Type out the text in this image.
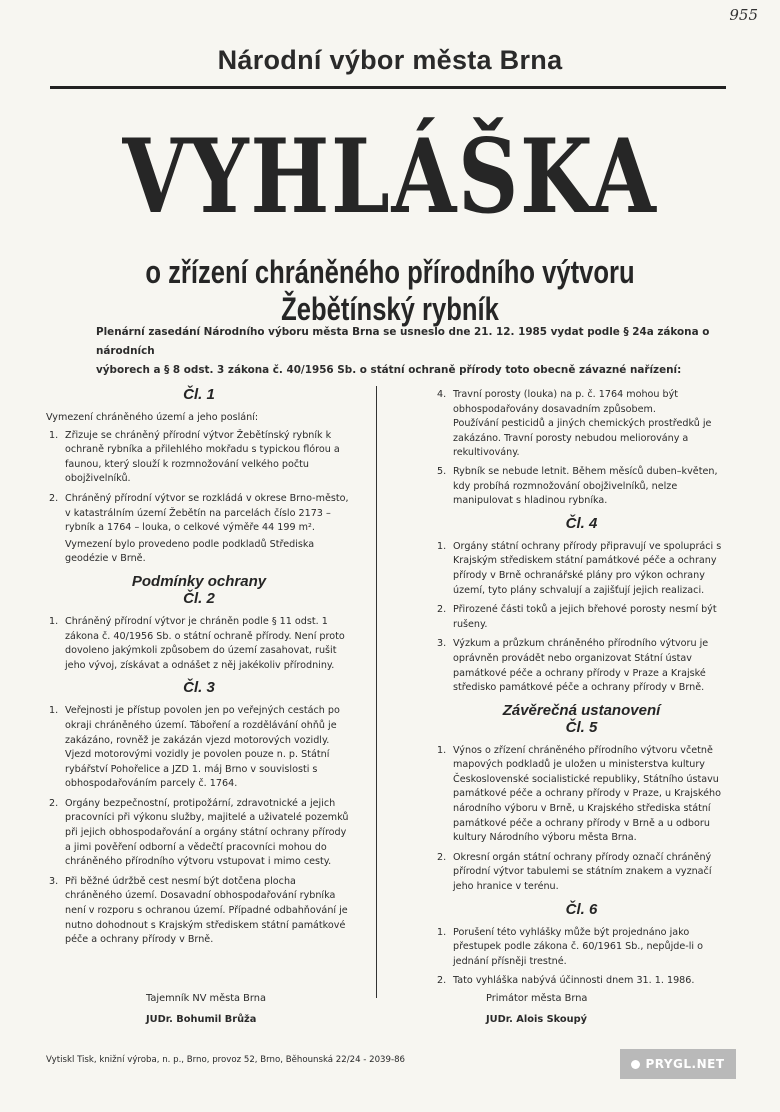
955
Národní výbor města Brna
VYHLÁŠKA
o zřízení chráněného přírodního výtvoru Žebětínský rybník

Plenární zasedání Národního výboru města Brna se usneslo dne 21. 12. 1985 vydat podle § 24a zákona o národních

výborech a § 8 odst. 3 zákona č. 40/1956 Sb. o státní ochraně přírody toto obecně závazné nařízení:

Čl. 1

Vymezení chráněného území a jeho poslání:

1. Zřizuje se chráněný přírodní výtvor Žebětínský rybník k ochraně rybníka a přilehlého mokřadu s typickou flórou a faunou, který slouží k rozmnožování velkého počtu obojživelníků.
2. Chráněný přírodní výtvor se rozkládá v okrese Brno-město, v katastrálním území Žebětín na parcelách číslo 2173 – rybník a 1764 – louka, o celkové výměře 44 199 m².

Vymezení bylo provedeno podle podkladů Střediska geodézie v Brně.

Podmínky ochrany
Čl. 2
1. Chráněný přírodní výtvor je chráněn podle § 11 odst. 1 zákona č. 40/1956 Sb. o státní ochraně přírody. Není proto dovoleno jakýmkoli způsobem do území zasahovat, rušit jeho vývoj, získávat a odnášet z něj jakékoliv přírodniny.
Čl. 3
1. Veřejnosti je přístup povolen jen po veřejných cestách po okraji chráněného území. Táboření a rozdělávání ohňů je zakázáno, rovněž je zakázán vjezd motorových vozidly. Vjezd motorovými vozidly je povolen pouze n. p. Státní rybářství Pohořelice a JZD 1. máj Brno v souvislosti s obhospodařováním parcely č. 1764.
2. Orgány bezpečnostní, protipožární, zdravotnické a jejich pracovníci při výkonu služby, majitelé a uživatelé pozemků při jejich obhospodařování a orgány státní ochrany přírody a jimi pověření odborní a vědečtí pracovníci mohou do chráněného přírodního výtvoru vstupovat i mimo cesty.
3. Při běžné údržbě cest nesmí být dotčena plocha chráněného území. Dosavadní obhospodařování rybníka není v rozporu s ochranou území. Případné odbahňování je nutno dohodnout s Krajským střediskem státní památkové péče a ochrany přírody v Brně.
4. Travní porosty (louka) na p. č. 1764 mohou být obhospodařovány dosavadním způsobem.

Používání pesticidů a jiných chemických prostředků je zakázáno. Travní porosty nebudou meliorovány a rekultivovány.

5. Rybník se nebude letnit. Během měsíců duben–květen, kdy probíhá rozmnožování obojživelníků, nelze manipulovat s hladinou rybníka.
Čl. 4
1. Orgány státní ochrany přírody připravují ve spolupráci s Krajským střediskem státní památkové péče a ochrany přírody v Brně ochranářské plány pro výkon ochrany území, tyto plány schvalují a zajišťují jejich realizaci.
2. Přirozené části toků a jejich břehové porosty nesmí být rušeny.
3. Výzkum a průzkum chráněného přírodního výtvoru je oprávněn provádět nebo organizovat Státní ústav památkové péče a ochrany přírody v Praze a Krajské středisko památkové péče a ochrany přírody v Brně.
Závěrečná ustanovení
Čl. 5
1. Výnos o zřízení chráněného přírodního výtvoru včetně mapových podkladů je uložen u ministerstva kultury Československé socialistické republiky, Státního ústavu památkové péče a ochrany přírody v Praze, u Krajského národního výboru v Brně, u Krajského střediska státní památkové péče a ochrany přírody v Brně a u odboru kultury Národního výboru města Brna.
2. Okresní orgán státní ochrany přírody označí chráněný přírodní výtvor tabulemi se státním znakem a vyznačí jeho hranice v terénu.
Čl. 6
1. Porušení této vyhlášky může být projednáno jako přestupek podle zákona č. 60/1961 Sb., nepůjde-li o jednání přísněji trestné.
2. Tato vyhláška nabývá účinnosti dnem 31. 1. 1986.
Tajemník NV města Brna
JUDr. Bohumil Brůža
Primátor města Brna
JUDr. Alois Skoupý
Vytiskl Tisk, knižní výroba, n. p., Brno, provoz 52, Brno, Běhounská 22/24 - 2039-86	PRYGL.NET
